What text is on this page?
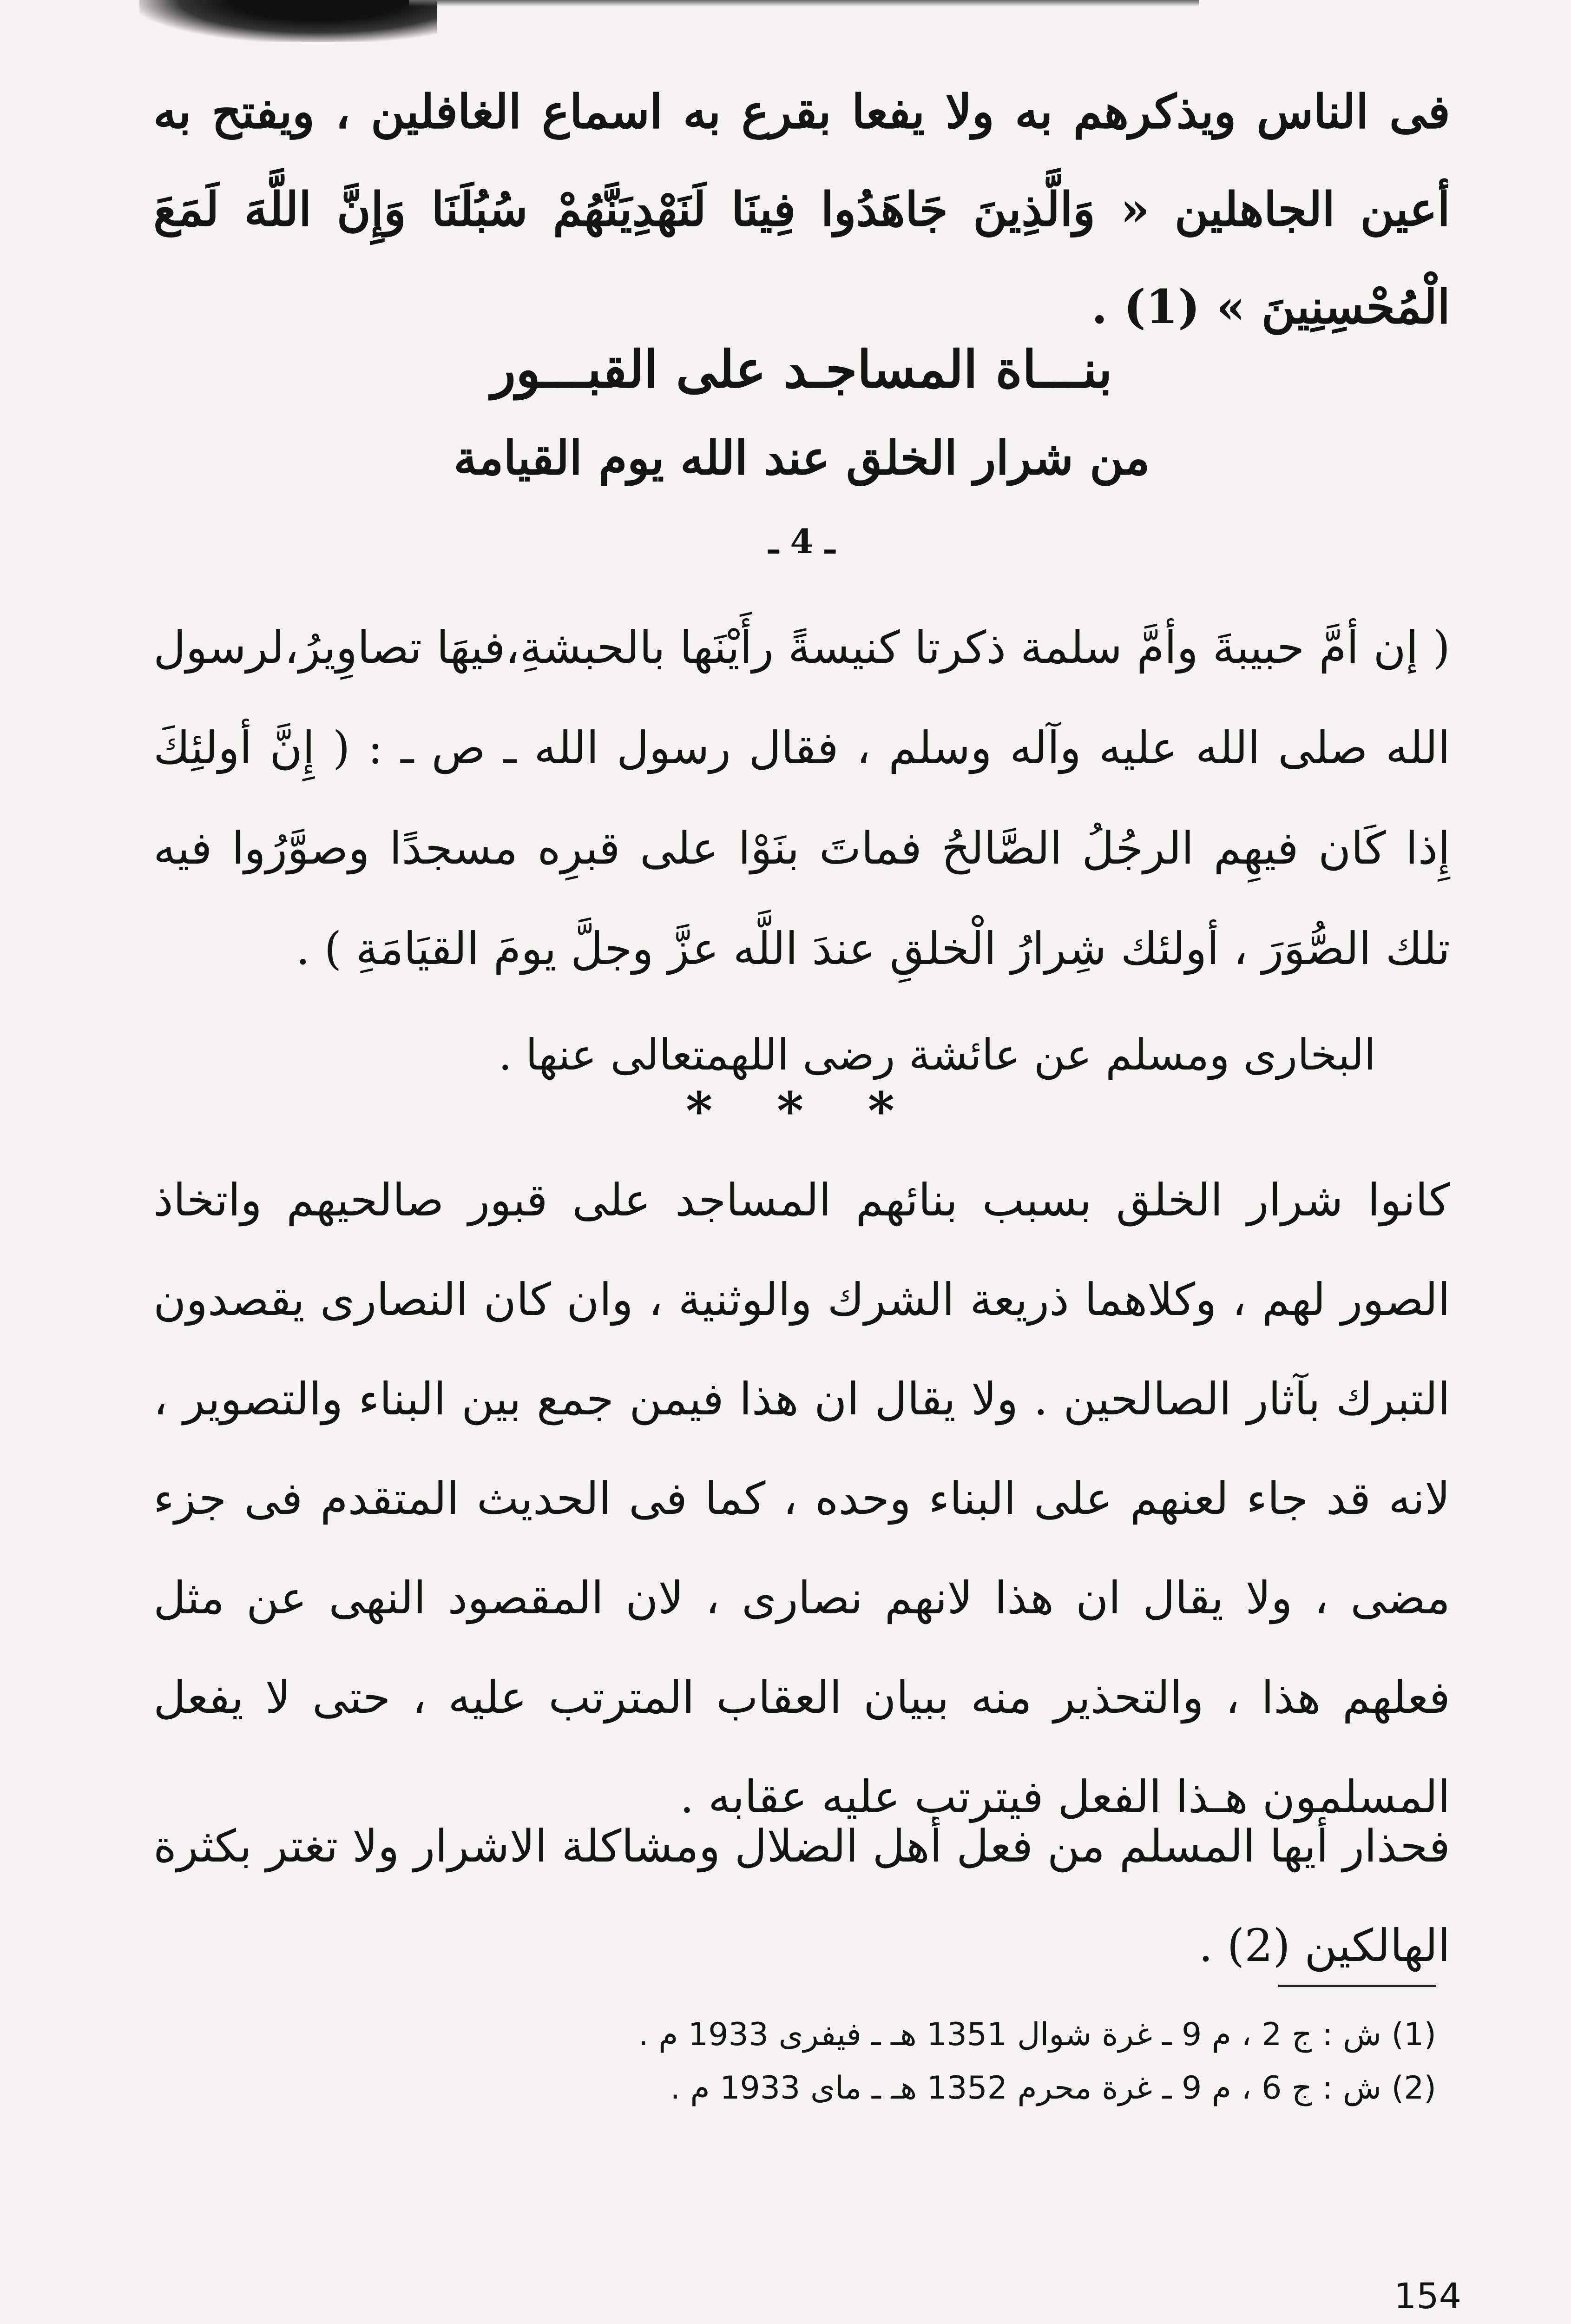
فى الناس ويذكرهم به ولا يفعا بقرع به اسماع الغافلين ، ويفتح به أعين الجاهلين « وَالَّذِينَ جَاهَدُوا فِينَا لَنَهْدِيَنَّهُمْ سُبُلَنَا وَإِنَّ اللَّهَ لَمَعَ الْمُحْسِنِينَ » (1) .

بنـــاة المساجـد على القبـــور
من شرار الخلق عند الله يوم القيامة
ـ 4 ـ

( إن أمَّ حبيبةَ وأمَّ سلمة ذكرتا كنيسةً رأَيْنَها بالحبشةِ،فيهَا تصاوِيرُ،لرسول الله صلى الله عليه وآله وسلم ، فقال رسول الله ـ ص ـ : ( إِنَّ أولئِكَ إِذا كَان فيهِم الرجُلُ الصَّالحُ فماتَ بنَوْا على قبرِه مسجدًا وصوَّرُوا فيه تلك الصُّوَرَ ، أولئك شِرارُ الْخلقِ عندَ اللَّه عزَّ وجلَّ يومَ القيَامَةِ ) .

البخارى ومسلم عن عائشة رضى اللهمتعالى عنها .
* * *

كانوا شرار الخلق بسبب بنائهم المساجد على قبور صالحيهم واتخاذ الصور لهم ، وكلاهما ذريعة الشرك والوثنية ، وان كان النصارى يقصدون التبرك بآثار الصالحين . ولا يقال ان هذا فيمن جمع بين البناء والتصوير ، لانه قد جاء لعنهم على البناء وحده ، كما فى الحديث المتقدم فى جزء مضى ، ولا يقال ان هذا لانهم نصارى ، لان المقصود النهى عن مثل فعلهم هذا ، والتحذير منه ببيان العقاب المترتب عليه ، حتى لا يفعل المسلمون هـذا الفعل فيترتب عليه عقابه .

فحذار أيها المسلم من فعل أهل الضلال ومشاكلة الاشرار ولا تغتر بكثرة الهالكين (2) .

(1) ش : ج 2 ، م 9 ـ غرة شوال 1351 هـ ـ فيفرى 1933 م .
(2) ش : ج 6 ، م 9 ـ غرة محرم 1352 هـ ـ ماى 1933 م .
154
